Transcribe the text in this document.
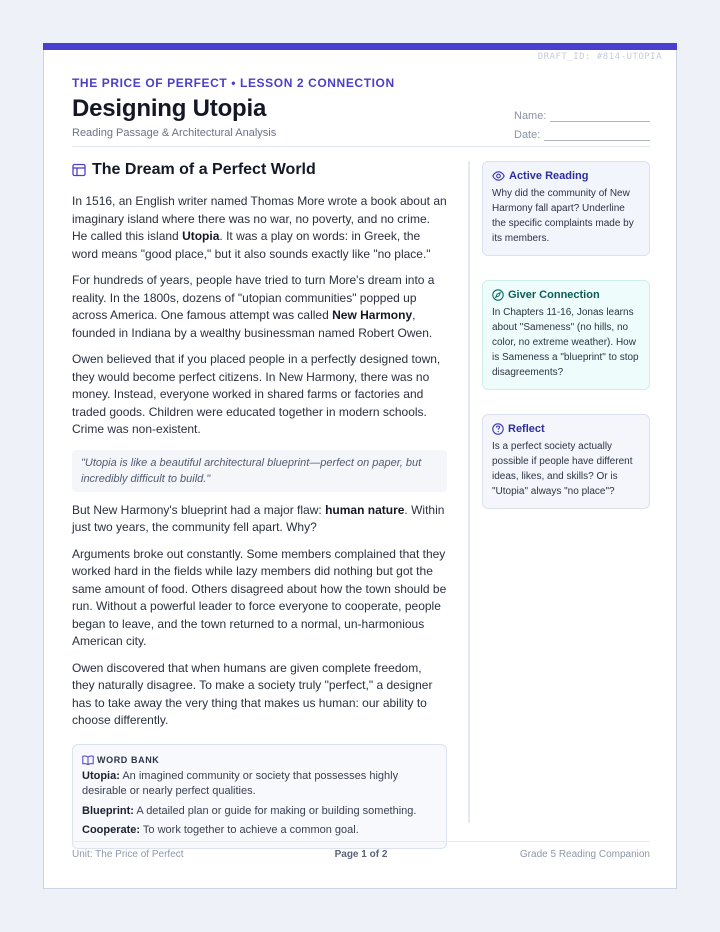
DRAFT_ID: #814-UTOPIA
THE PRICE OF PERFECT • LESSON 2 CONNECTION
Designing Utopia
Reading Passage & Architectural Analysis
Name:
Date:
The Dream of a Perfect World

In 1516, an English writer named Thomas More wrote a book about an imaginary island where there was no war, no poverty, and no crime. He called this island Utopia. It was a play on words: in Greek, the word means "good place," but it also sounds exactly like "no place."

For hundreds of years, people have tried to turn More's dream into a reality. In the 1800s, dozens of "utopian communities" popped up across America. One famous attempt was called New Harmony, founded in Indiana by a wealthy businessman named Robert Owen.

Owen believed that if you placed people in a perfectly designed town, they would become perfect citizens. In New Harmony, there was no money. Instead, everyone worked in shared farms or factories and traded goods. Children were educated together in modern schools. Crime was non-existent.

"Utopia is like a beautiful architectural blueprint—perfect on paper, but incredibly difficult to build."

But New Harmony's blueprint had a major flaw: human nature. Within just two years, the community fell apart. Why?

Arguments broke out constantly. Some members complained that they worked hard in the fields while lazy members did nothing but got the same amount of food. Others disagreed about how the town should be run. Without a powerful leader to force everyone to cooperate, people began to leave, and the town returned to a normal, un-harmonious American city.

Owen discovered that when humans are given complete freedom, they naturally disagree. To make a society truly "perfect," a designer has to take away the very thing that makes us human: our ability to choose differently.

WORD BANK
Utopia: An imagined community or society that possesses highly desirable or nearly perfect qualities.
Blueprint: A detailed plan or guide for making or building something.
Cooperate: To work together to achieve a common goal.
Active Reading
Why did the community of New Harmony fall apart? Underline the specific complaints made by its members.
Giver Connection
In Chapters 11-16, Jonas learns about "Sameness" (no hills, no color, no extreme weather). How is Sameness a "blueprint" to stop disagreements?
Reflect
Is a perfect society actually possible if people have different ideas, likes, and skills? Or is "Utopia" always "no place"?
Unit: The Price of Perfect	Page 1 of 2	Grade 5 Reading Companion
